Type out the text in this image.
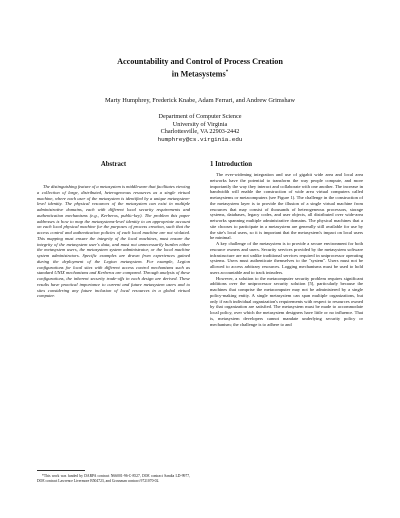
Accountability and Control of Process Creation
in Metasystems*
Marty Humphrey, Frederick Knabe, Adam Ferrari, and Andrew Grimshaw
Department of Computer Science
University of Virginia
Charlottesville, VA 22903-2442
humphrey@cs.virginia.edu
Abstract

The distinguishing feature of a metasystem is middleware that facilitates viewing a collection of large, distributed, heterogeneous resources as a single virtual machine, where each user of the metasystem is identified by a unique metasystem-level identity. The physical resources of the metasystem can exist in multiple administrative domains, each with different local security requirements and authentication mechanisms (e.g., Kerberos, public-key). The problem this paper addresses is how to map the metasystems-level identity to an appropriate account on each local physical machine for the purposes of process creation, such that the access control and authentication policies of each local machine are not violated. This mapping must ensure the integrity of the local machines, must ensure the integrity of the metasystem user's data, and must not unnecessarily burden either the metasystem users, the metasystem system administrator, or the local machine system administrators. Specific examples are drawn from experiences gained during the deployment of the Legion metasystem. For example, Legion configurations for local sites with different access control mechanisms such as standard UNIX mechanisms and Kerberos are compared. Through analysis of these configurations, the inherent security trade-offs in each design are derived. These results have practical importance to current and future metasystem users and to sites considering any future inclusion of local resources in a global virtual computer.

*This work was funded by DARPA contract N66001-96-C-8527, DOE contract Sandia LD-9977, DOE contract Lawrence Livermore B504723, and Grossman contract 9721070-02.

1 Introduction

The ever-widening integration and use of gigabit wide area and local area networks have the potential to transform the way people compute, and more importantly the way they interact and collaborate with one another. The increase in bandwidth will enable the construction of wide area virtual computers called metasystems or metacomputers (see Figure 1). The challenge in the construction of the metasystem layer is to provide the illusion of a single virtual machine from resources that may consist of thousands of heterogeneous processors, storage systems, databases, legacy codes, and user objects, all distributed over wide-area networks spanning multiple administrative domains. The physical machines that a site chooses to participate in a metasystem are generally still available for use by the site's local users, so it is important that the metasystem's impact on local users be minimal.

A key challenge of the metasystem is to provide a secure environment for both resource owners and users. Security services provided by the metasystem software infrastructure are not unlike traditional services required in uniprocessor operating systems. Users must authenticate themselves to the "system". Users must not be allowed to access arbitrary resources. Logging mechanisms must be used to hold users accountable and to track intruders.

However, a solution to the metacomputer security problem requires significant additions over the uniprocessor security solution [5], particularly because the machines that comprise the metacomputer may not be administered by a single policy-making entity. A single metasystem can span multiple organizations, but only if each individual organization's requirements with respect to resources owned by that organization are satisfied. The metasystem must be made to accommodate local policy, over which the metasystem designers have little or no influence. That is, metasystem developers cannot mandate underlying security policy or mechanism; the challenge is to adhere to and
